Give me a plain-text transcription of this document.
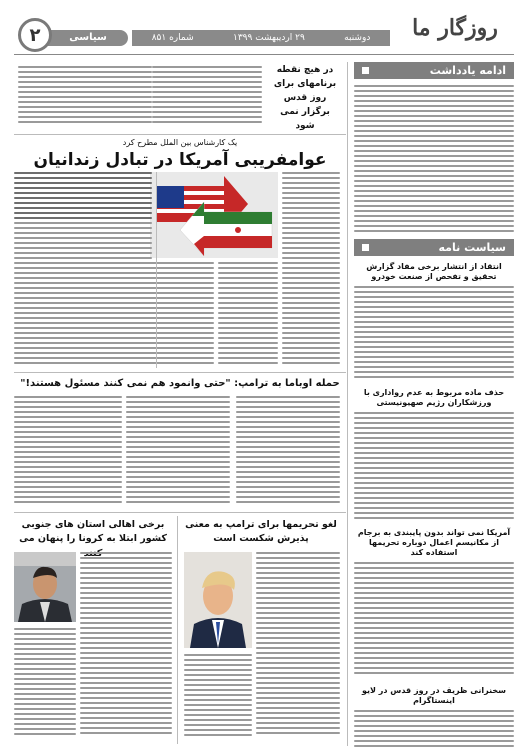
روزگار ما
دوشنبه
۲۹ اردیبهشت ۱۳۹۹
شماره ۸۵۱
سیاسی
۲
ادامه یادداشت
سیاست نامه
انتقاد از انتشار برخی مفاد گزارش تحقیق و تفحص از صنعت خودرو
حذف ماده مربوط به عدم رواداری با ورزشکاران رژیم صهیونیستی
آمریکا نمی تواند بدون پایبندی به برجام از مکانیسم اعمال دوباره تحریمها استفاده کند
سخنرانی ظریف در روز قدس در لایو اینستاگرام
در هیچ نقطه برنامهای برای روز قدس برگزار نمی شود
یک کارشناس بین الملل مطرح کرد
عوامفریبی آمریکا در تبادل زندانیان
حمله اوباما به ترامپ: "حتی وانمود هم نمی کنند مسئول هستند!"
لغو تحریمها برای ترامپ به معنی پذیرش شکست است
برخی اهالی استان های جنوبی کشور ابتلا به کرونا را پنهان می
